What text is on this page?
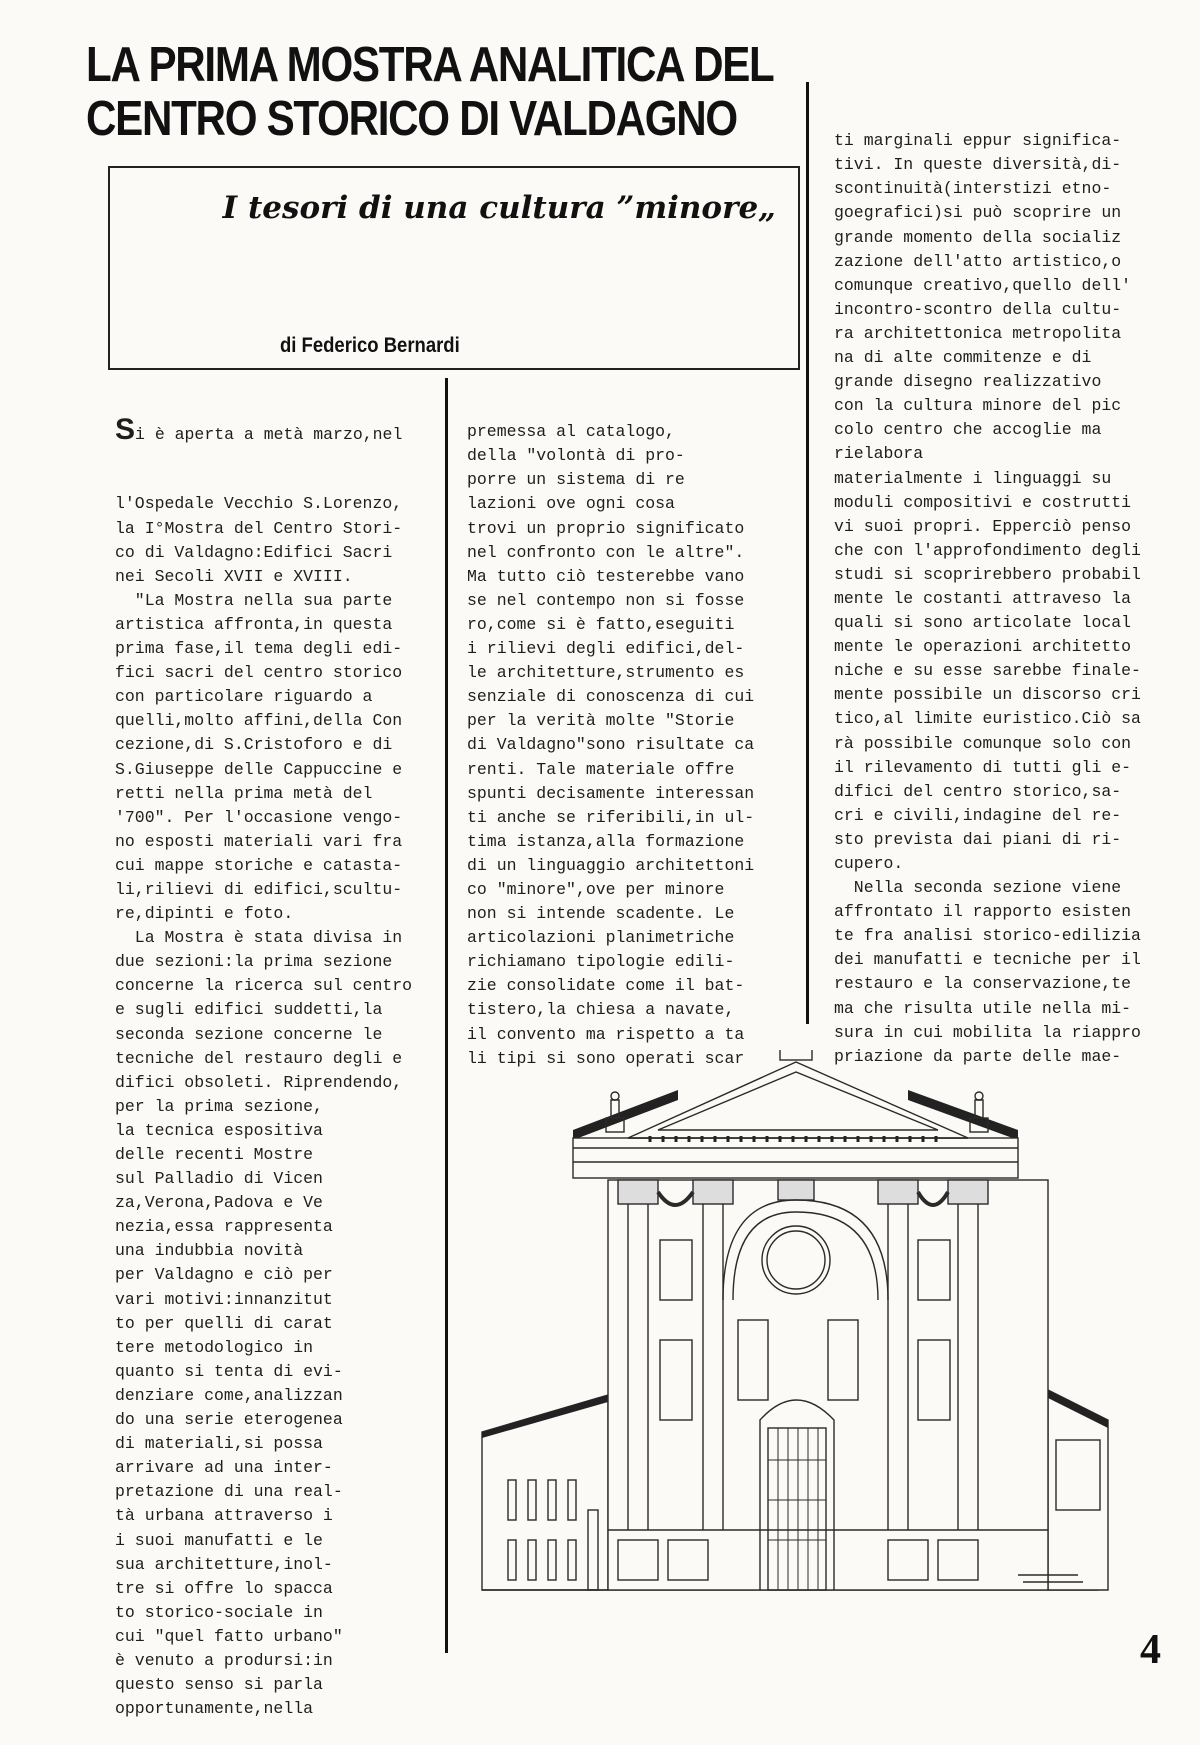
LA PRIMA MOSTRA ANALITICA DEL
CENTRO STORICO DI VALDAGNO
I tesori di una cultura ”minore„
di Federico Bernardi

Si è aperta a metà marzo,nel

l'Ospedale Vecchio S.Lorenzo,
la I°Mostra del Centro Stori-
co di Valdagno:Edifici Sacri
nei Secoli XVII e XVIII.
"La Mostra nella sua parte
artistica affronta,in questa
prima fase,il tema degli edi-
fici sacri del centro storico
con particolare riguardo a
quelli,molto affini,della Con
cezione,di S.Cristoforo e di
S.Giuseppe delle Cappuccine e
retti nella prima metà del
'700". Per l'occasione vengo-
no esposti materiali vari fra
cui mappe storiche e catasta-
li,rilievi di edifici,scultu-
re,dipinti e foto.
La Mostra è stata divisa in
due sezioni:la prima sezione
concerne la ricerca sul centro
e sugli edifici suddetti,la
seconda sezione concerne le
tecniche del restauro degli e
difici obsoleti. Riprendendo,
per la prima sezione,
la tecnica espositiva
delle recenti Mostre
sul Palladio di Vicen
za,Verona,Padova e Ve
nezia,essa rappresenta
una indubbia novità
per Valdagno e ciò per
vari motivi:innanzitut
to per quelli di carat
tere metodologico in
quanto si tenta di evi-
denziare come,analizzan
do una serie eterogenea
di materiali,si possa
arrivare ad una inter-
pretazione di una real-
tà urbana attraverso i
i suoi manufatti e le
sua architetture,inol-
tre si offre lo spacca
to storico-sociale in
cui "quel fatto urbano"
è venuto a prodursi:in
questo senso si parla
opportunamente,nella

premessa al catalogo,
della "volontà di pro-
porre un sistema di re
lazioni ove ogni cosa
trovi un proprio significato
nel confronto con le altre".
Ma tutto ciò testerebbe vano
se nel contempo non si fosse
ro,come si è fatto,eseguiti
i rilievi degli edifici,del-
le architetture,strumento es
senziale di conoscenza di cui
per la verità molte "Storie
di Valdagno"sono risultate ca
renti. Tale materiale offre
spunti decisamente interessan
ti anche se riferibili,in ul-
tima istanza,alla formazione
di un linguaggio architettoni
co "minore",ove per minore
non si intende scadente. Le
articolazioni planimetriche
richiamano tipologie edili-
zie consolidate come il bat-
tistero,la chiesa a navate,
il convento ma rispetto a ta
li tipi si sono operati scar

ti marginali eppur significa-
tivi. In queste diversità,di-
scontinuità(interstizi etno-
goegrafici)si può scoprire un
grande momento della socializ
zazione dell'atto artistico,o
comunque creativo,quello dell'
incontro-scontro della cultu-
ra architettonica metropolita
na di alte commitenze e di
grande disegno realizzativo
con la cultura minore del pic
colo centro che accoglie ma
rielabora
materialmente i linguaggi su
moduli compositivi e costrutti
vi suoi propri. Epperciò penso
che con l'approfondimento degli
studi si scoprirebbero probabil
mente le costanti attraveso la
quali si sono articolate local
mente le operazioni architetto
niche e su esse sarebbe finale-
mente possibile un discorso cri
tico,al limite euristico.Ciò sa
rà possibile comunque solo con
il rilevamento di tutti gli e-
difici del centro storico,sa-
cri e civili,indagine del re-
sto prevista dai piani di ri-
cupero.
Nella seconda sezione viene
affrontato il rapporto esisten
te fra analisi storico-edilizia
dei manufatti e tecniche per il
restauro e la conservazione,te
ma che risulta utile nella mi-
sura in cui mobilita la riappro
priazione da parte delle mae-

4
